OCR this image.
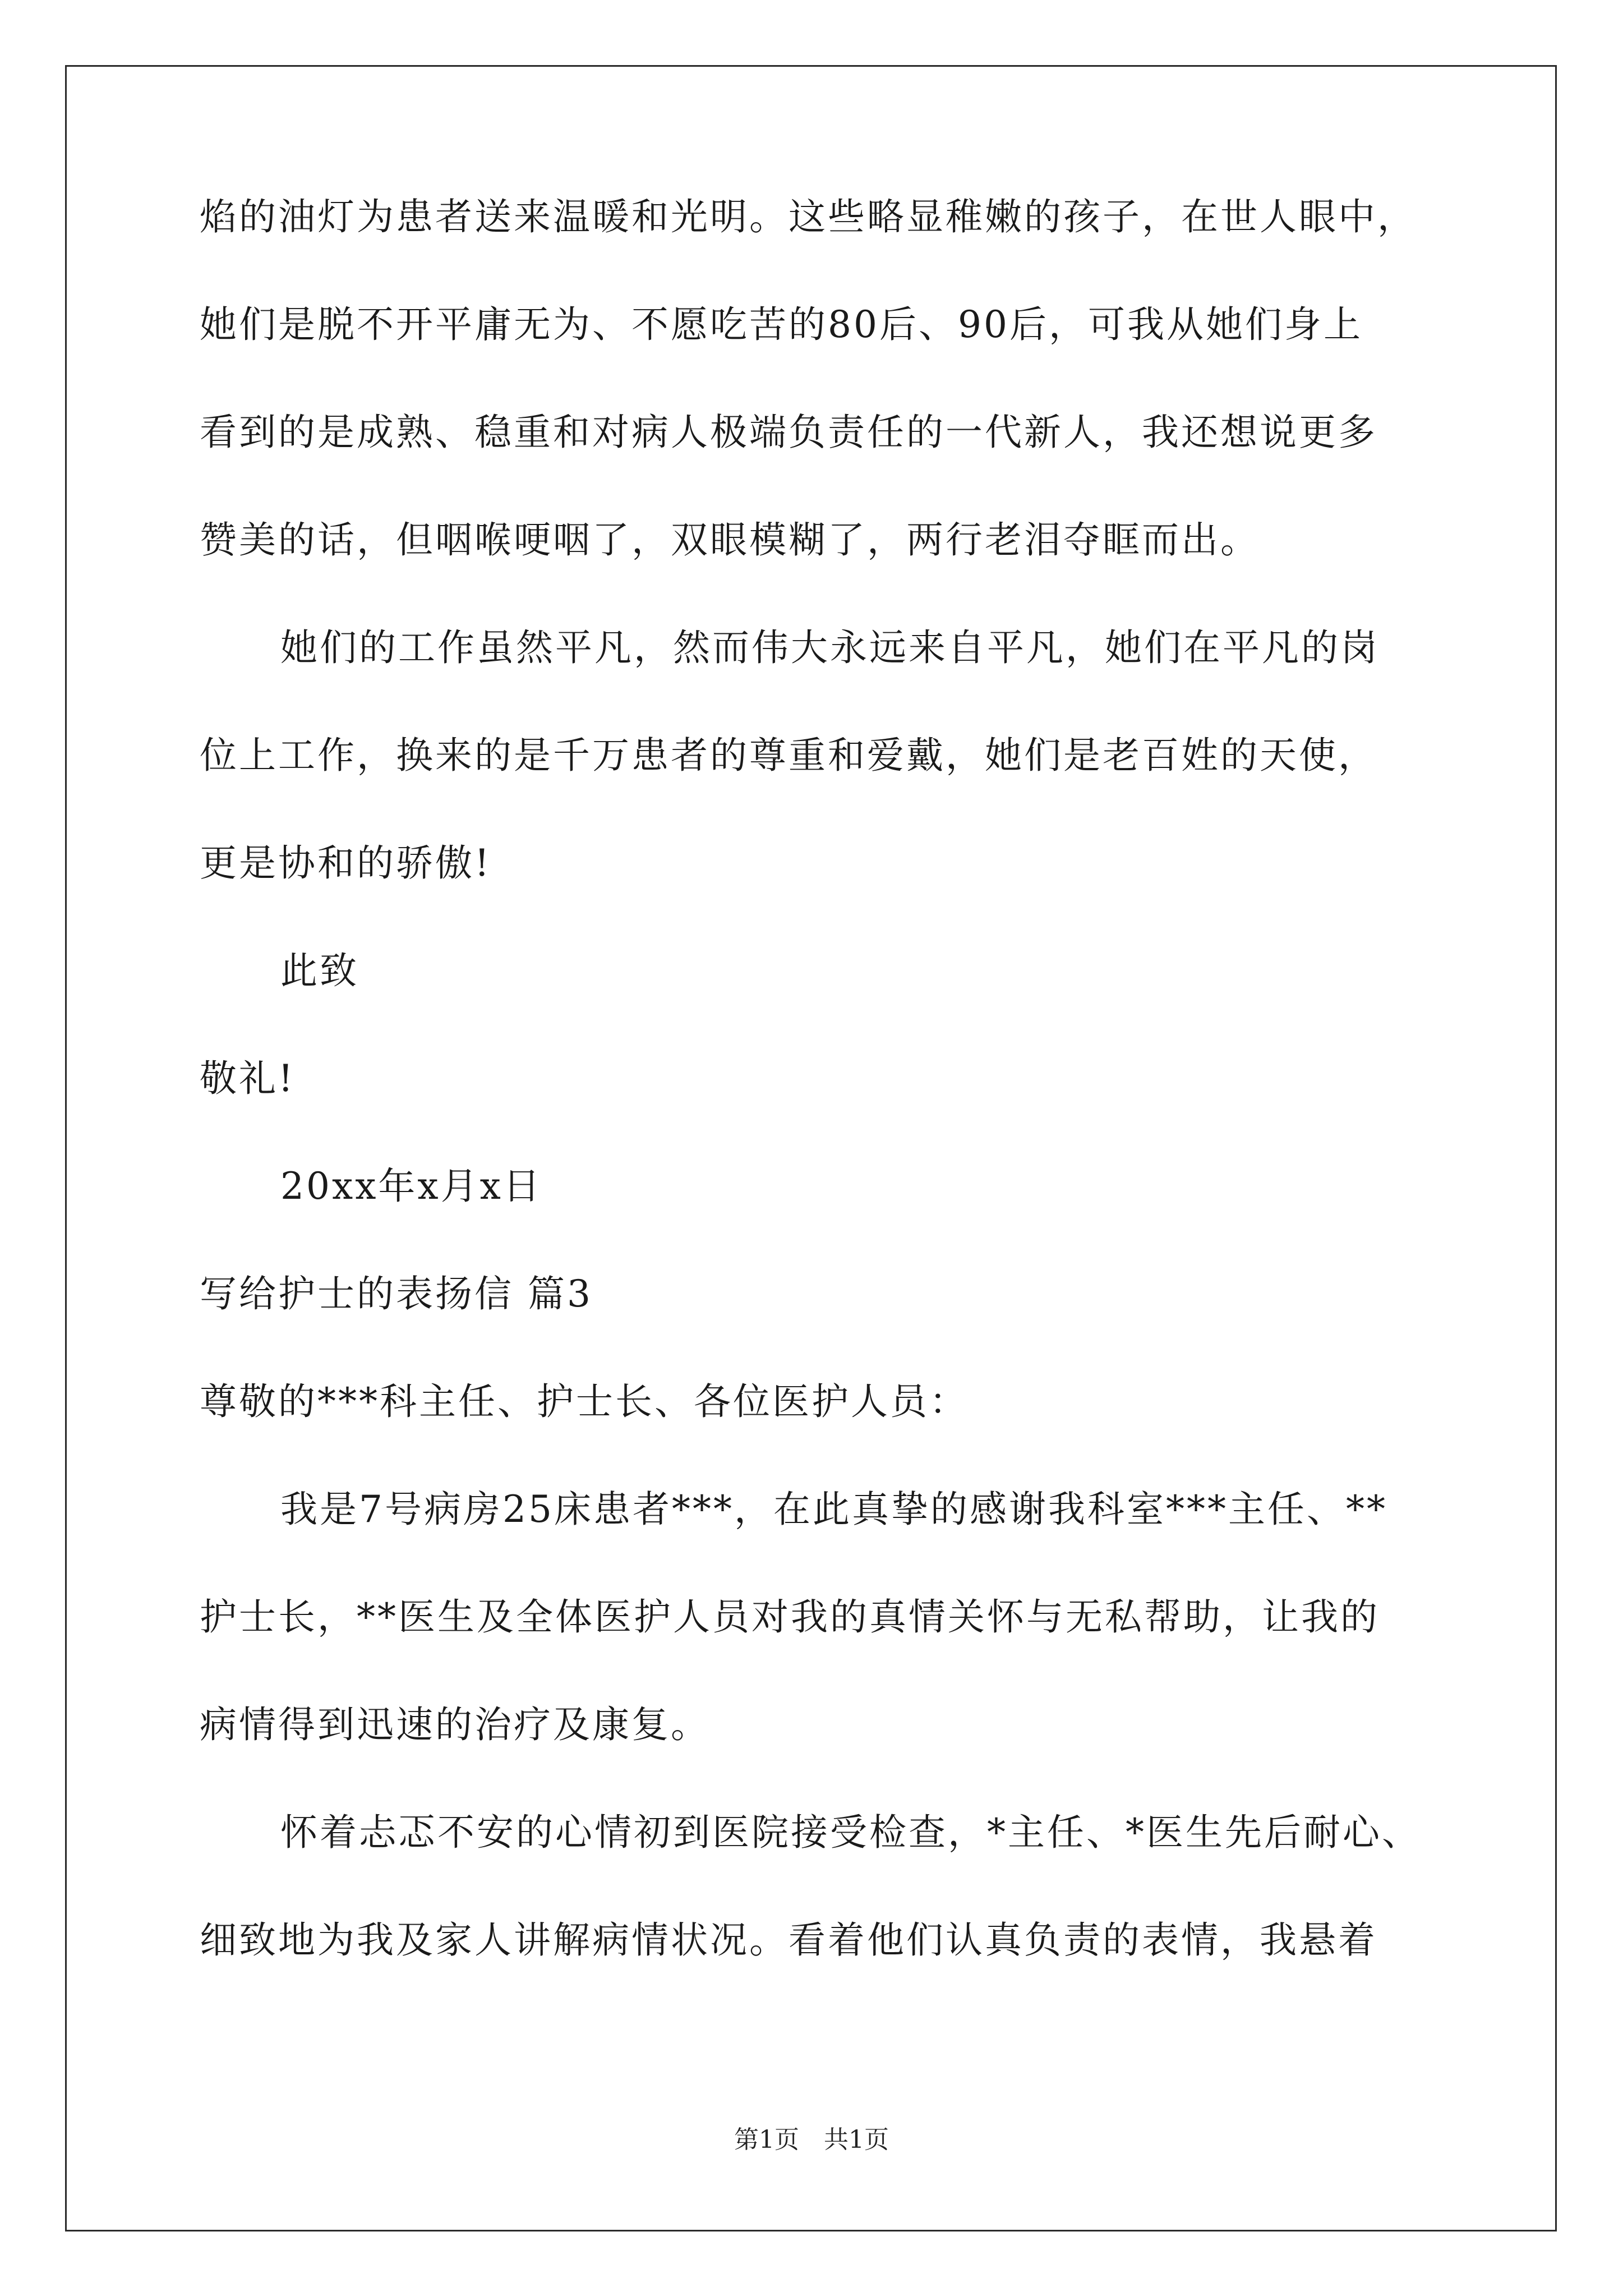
焰的油灯为患者送来温暖和光明。这些略显稚嫩的孩子，在世人眼中，
她们是脱不开平庸无为、不愿吃苦的80后、90后，可我从她们身上
看到的是成熟、稳重和对病人极端负责任的一代新人，我还想说更多
赞美的话，但咽喉哽咽了，双眼模糊了，两行老泪夺眶而出。
她们的工作虽然平凡，然而伟大永远来自平凡，她们在平凡的岗
位上工作，换来的是千万患者的尊重和爱戴，她们是老百姓的天使，
更是协和的骄傲!
此致
敬礼!
20xx年x月x日
写给护士的表扬信 篇3
尊敬的***科主任、护士长、各位医护人员：
我是7号病房25床患者***，在此真挚的感谢我科室***主任、**
护士长，**医生及全体医护人员对我的真情关怀与无私帮助，让我的
病情得到迅速的治疗及康复。
怀着忐忑不安的心情初到医院接受检查，*主任、*医生先后耐心、
细致地为我及家人讲解病情状况。看着他们认真负责的表情，我悬着
第1页　共1页
